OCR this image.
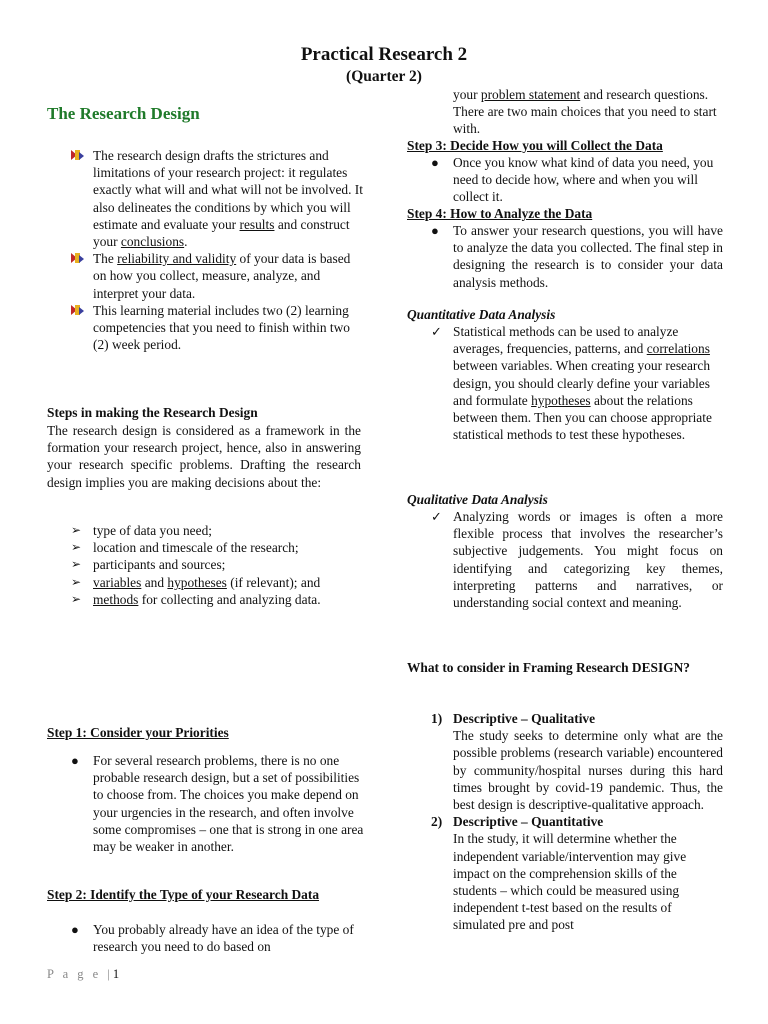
Practical Research 2
(Quarter 2)
The Research Design
The research design drafts the strictures and limitations of your research project: it regulates exactly what will and what will not be involved. It also delineates the conditions by which you will estimate and evaluate your results and construct your conclusions.
The reliability and validity of your data is based on how you collect, measure, analyze, and interpret your data.
This learning material includes two (2) learning competencies that you need to finish within two (2) week period.
Steps in making the Research Design
The research design is considered as a framework in the formation your research project, hence, also in answering your research specific problems. Drafting the research design implies you are making decisions about the:
➢ type of data you need;
➢ location and timescale of the research;
➢ participants and sources;
➢ variables and hypotheses (if relevant); and
➢ methods for collecting and analyzing data.
Step 1: Consider your Priorities
● For several research problems, there is no one probable research design, but a set of possibilities to choose from. The choices you make depend on your urgencies in the research, and often involve some compromises – one that is strong in one area may be weaker in another.
Step 2: Identify the Type of your Research Data
● You probably already have an idea of the type of research you need to do based on
your problem statement and research questions. There are two main choices that you need to start with.
Step 3: Decide How you will Collect the Data
● Once you know what kind of data you need, you need to decide how, where and when you will collect it.
Step 4: How to Analyze the Data
● To answer your research questions, you will have to analyze the data you collected. The final step in designing the research is to consider your data analysis methods.
Quantitative Data Analysis
✓ Statistical methods can be used to analyze averages, frequencies, patterns, and correlations between variables. When creating your research design, you should clearly define your variables and formulate hypotheses about the relations between them. Then you can choose appropriate statistical methods to test these hypotheses.
Qualitative Data Analysis
✓ Analyzing words or images is often a more flexible process that involves the researcher’s subjective judgements. You might focus on identifying and categorizing key themes, interpreting patterns and narratives, or understanding social context and meaning.
What to consider in Framing Research DESIGN?
1) Descriptive – Qualitative
The study seeks to determine only what are the possible problems (research variable) encountered by community/hospital nurses during this hard times brought by covid-19 pandemic. Thus, the best design is descriptive-qualitative approach.
2) Descriptive – Quantitative
In the study, it will determine whether the independent variable/intervention may give impact on the comprehension skills of the students – which could be measured using independent t-test based on the results of simulated pre and post
P a g e |1
